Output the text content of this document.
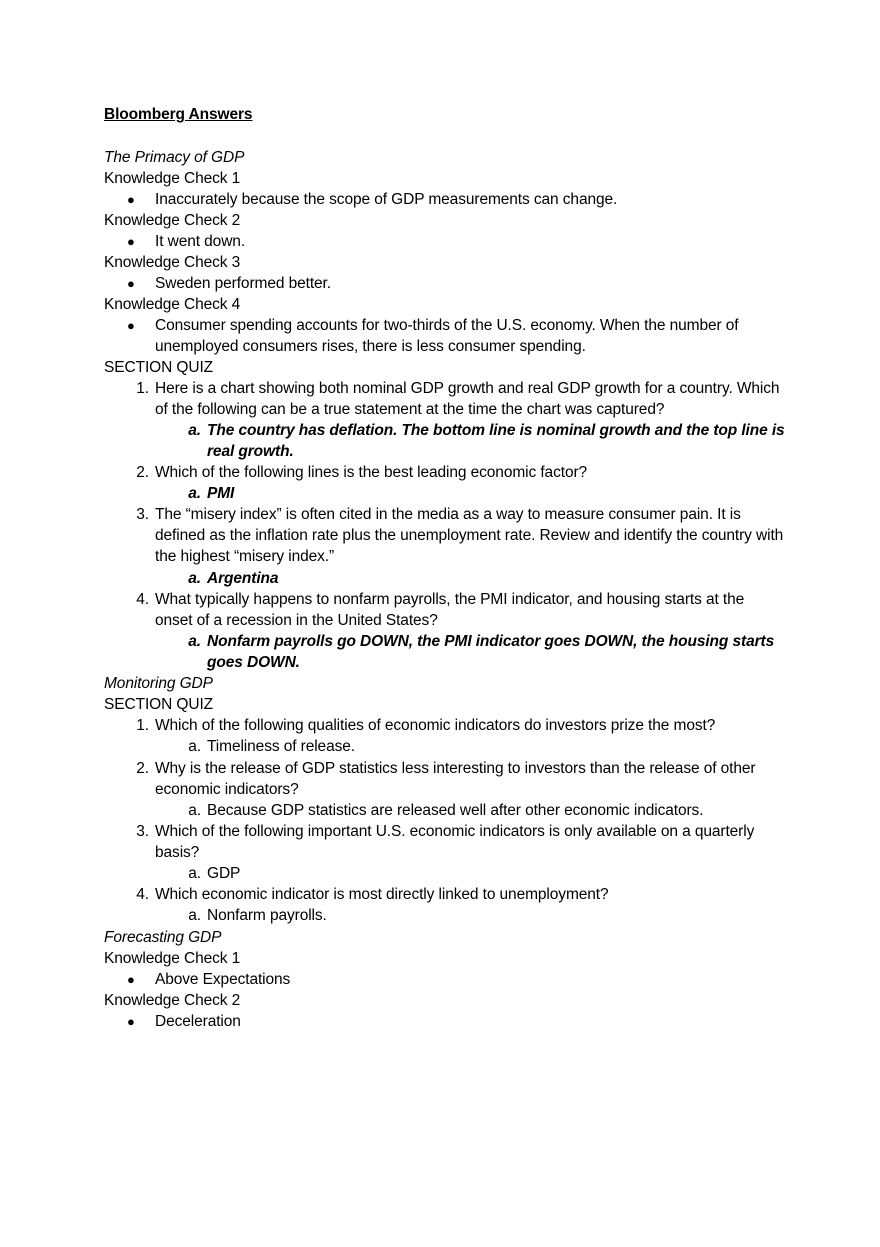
Bloomberg Answers
The Primacy of GDP
Knowledge Check 1
● Inaccurately because the scope of GDP measurements can change.
Knowledge Check 2
● It went down.
Knowledge Check 3
● Sweden performed better.
Knowledge Check 4
● Consumer spending accounts for two-thirds of the U.S. economy. When the number of unemployed consumers rises, there is less consumer spending.
SECTION QUIZ
1. Here is a chart showing both nominal GDP growth and real GDP growth for a country. Which of the following can be a true statement at the time the chart was captured?
a. The country has deflation. The bottom line is nominal growth and the top line is real growth.
2. Which of the following lines is the best leading economic factor?
a. PMI
3. The “misery index” is often cited in the media as a way to measure consumer pain. It is defined as the inflation rate plus the unemployment rate. Review and identify the country with the highest “misery index.”
a. Argentina
4. What typically happens to nonfarm payrolls, the PMI indicator, and housing starts at the onset of a recession in the United States?
a. Nonfarm payrolls go DOWN, the PMI indicator goes DOWN, the housing starts goes DOWN.
Monitoring GDP
SECTION QUIZ
1. Which of the following qualities of economic indicators do investors prize the most?
a. Timeliness of release.
2. Why is the release of GDP statistics less interesting to investors than the release of other economic indicators?
a. Because GDP statistics are released well after other economic indicators.
3. Which of the following important U.S. economic indicators is only available on a quarterly basis?
a. GDP
4. Which economic indicator is most directly linked to unemployment?
a. Nonfarm payrolls.
Forecasting GDP
Knowledge Check 1
● Above Expectations
Knowledge Check 2
● Deceleration
